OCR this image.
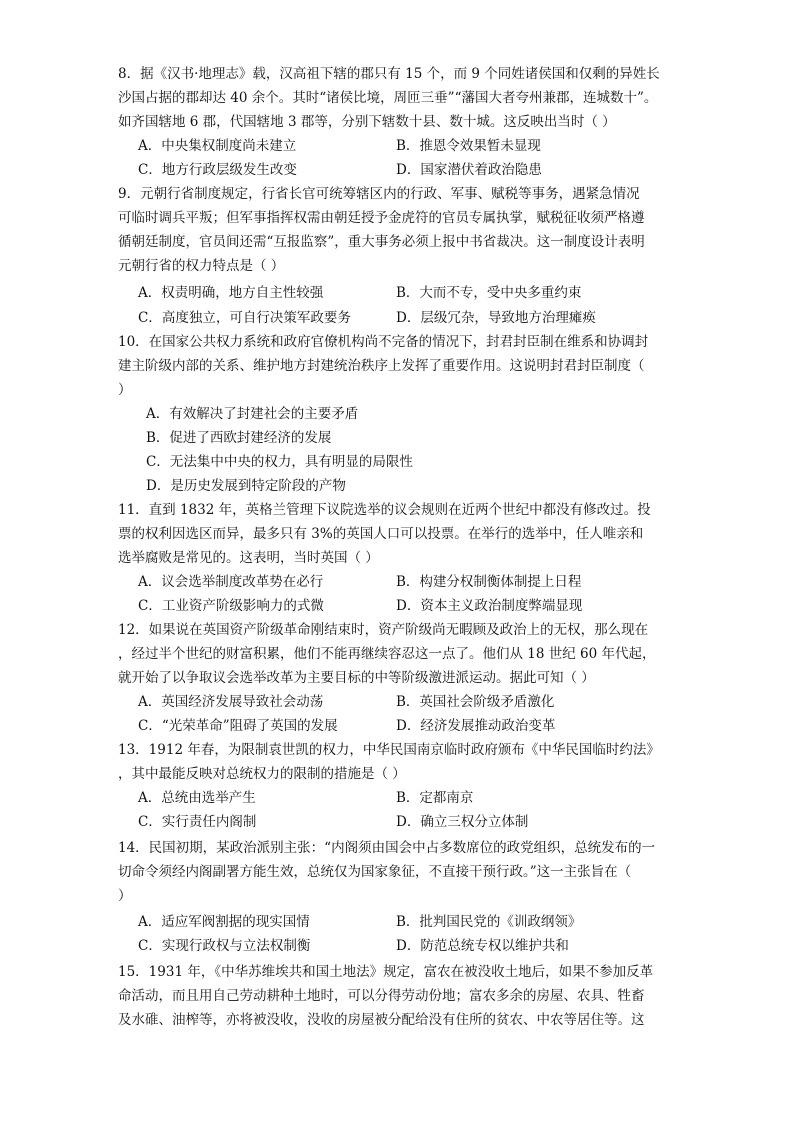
8．据《汉书·地理志》载，汉高祖下辖的郡只有 15 个，而 9 个同姓诸侯国和仅剩的异姓长
沙国占据的郡却达 40 余个。其时“诸侯比境，周匝三垂”“藩国大者夸州兼郡，连城数十”。
如齐国辖地 6 郡，代国辖地 3 郡等，分别下辖数十县、数十城。这反映出当时（ ）
A．中央集权制度尚未建立	B．推恩令效果暂未显现
C．地方行政层级发生改变	D．国家潜伏着政治隐患
9．元朝行省制度规定，行省长官可统筹辖区内的行政、军事、赋税等事务，遇紧急情况
可临时调兵平叛；但军事指挥权需由朝廷授予金虎符的官员专属执掌，赋税征收须严格遵
循朝廷制度，官员间还需“互报监察”，重大事务必须上报中书省裁决。这一制度设计表明
元朝行省的权力特点是（ ）
A．权责明确，地方自主性较强	B．大而不专，受中央多重约束
C．高度独立，可自行决策军政要务	D．层级冗杂，导致地方治理瘫痪
10．在国家公共权力系统和政府官僚机构尚不完备的情况下，封君封臣制在维系和协调封
建主阶级内部的关系、维护地方封建统治秩序上发挥了重要作用。这说明封君封臣制度（
）
A．有效解决了封建社会的主要矛盾
B．促进了西欧封建经济的发展
C．无法集中中央的权力，具有明显的局限性
D．是历史发展到特定阶段的产物
11．直到 1832 年，英格兰管理下议院选举的议会规则在近两个世纪中都没有修改过。投
票的权利因选区而异，最多只有 3%的英国人口可以投票。在举行的选举中，任人唯亲和
选举腐败是常见的。这表明，当时英国（ ）
A．议会选举制度改革势在必行	B．构建分权制衡体制提上日程
C．工业资产阶级影响力的式微	D．资本主义政治制度弊端显现
12．如果说在英国资产阶级革命刚结束时，资产阶级尚无暇顾及政治上的无权，那么现在
，经过半个世纪的财富积累，他们不能再继续容忍这一点了。他们从 18 世纪 60 年代起，
就开始了以争取议会选举改革为主要目标的中等阶级激进派运动。据此可知（ ）
A．英国经济发展导致社会动荡	B．英国社会阶级矛盾激化
C．“光荣革命”阻碍了英国的发展	D．经济发展推动政治变革
13．1912 年春，为限制袁世凯的权力，中华民国南京临时政府颁布《中华民国临时约法》
，其中最能反映对总统权力的限制的措施是（ ）
A．总统由选举产生	B．定都南京
C．实行责任内阁制	D．确立三权分立体制
14．民国初期，某政治派别主张：“内阁须由国会中占多数席位的政党组织，总统发布的一
切命令须经内阁副署方能生效，总统仅为国家象征，不直接干预行政。”这一主张旨在（
）
A．适应军阀割据的现实国情	B．批判国民党的《训政纲领》
C．实现行政权与立法权制衡	D．防范总统专权以维护共和
15．1931 年，《中华苏维埃共和国土地法》规定，富农在被没收土地后，如果不参加反革
命活动，而且用自己劳动耕种土地时，可以分得劳动份地；富农多余的房屋、农具、牲畜
及水碓、油榨等，亦将被没收，没收的房屋被分配给没有住所的贫农、中农等居住等。这
